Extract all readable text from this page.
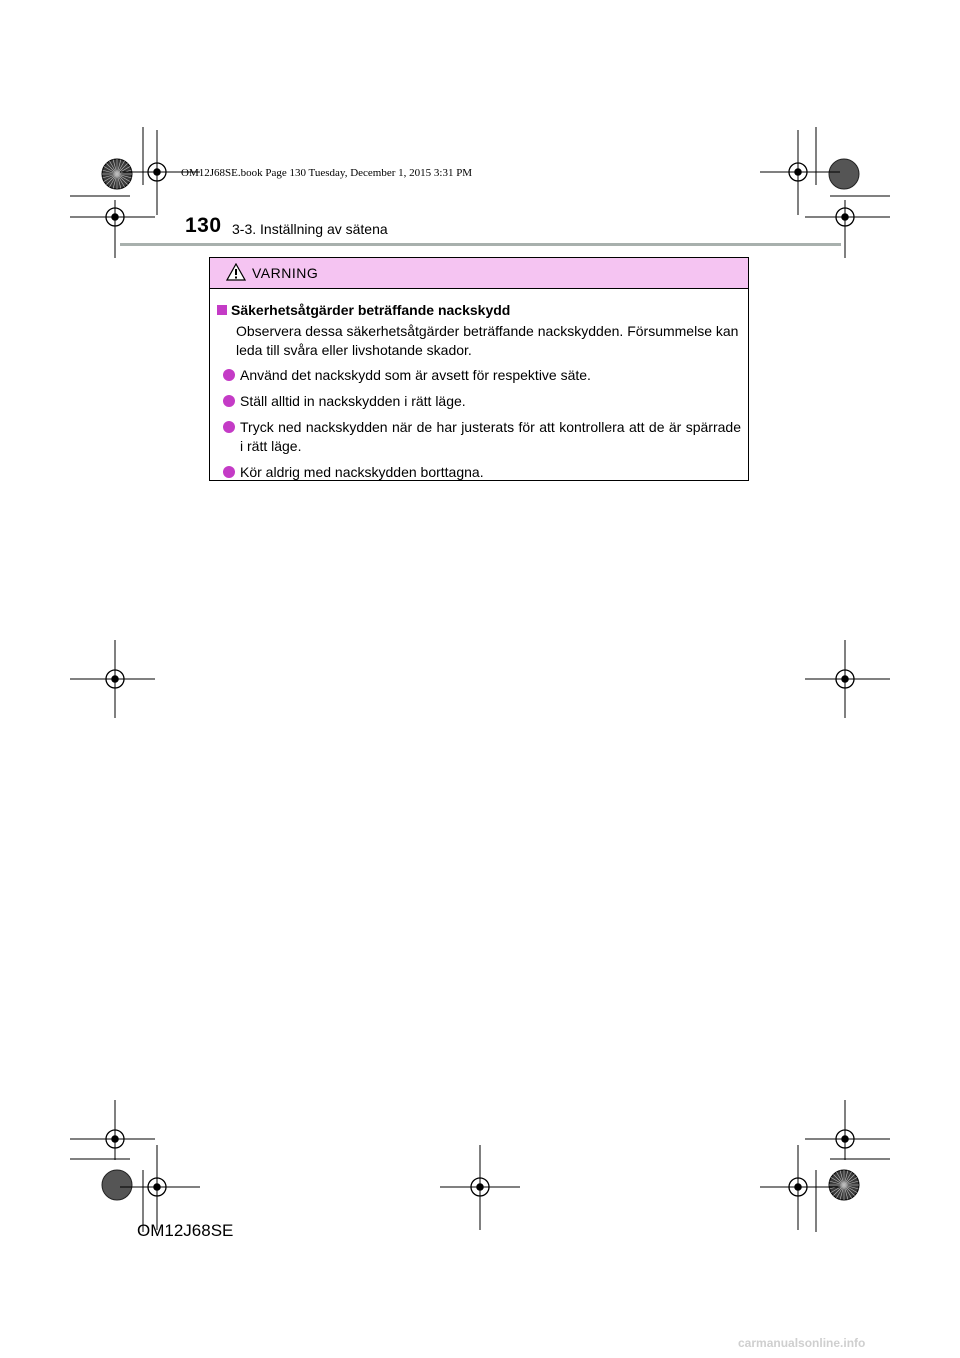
OM12J68SE.book Page 130 Tuesday, December 1, 2015 3:31 PM
130 3-3. Inställning av sätena
VARNING
Säkerhetsåtgärder beträffande nackskydd
Observera dessa säkerhetsåtgärder beträffande nackskydden. Försummelse kan leda till svåra eller livshotande skador.
Använd det nackskydd som är avsett för respektive säte.
Ställ alltid in nackskydden i rätt läge.
Tryck ned nackskydden när de har justerats för att kontrollera att de är spärrade i rätt läge.
Kör aldrig med nackskydden borttagna.
OM12J68SE
carmanualsonline.info
